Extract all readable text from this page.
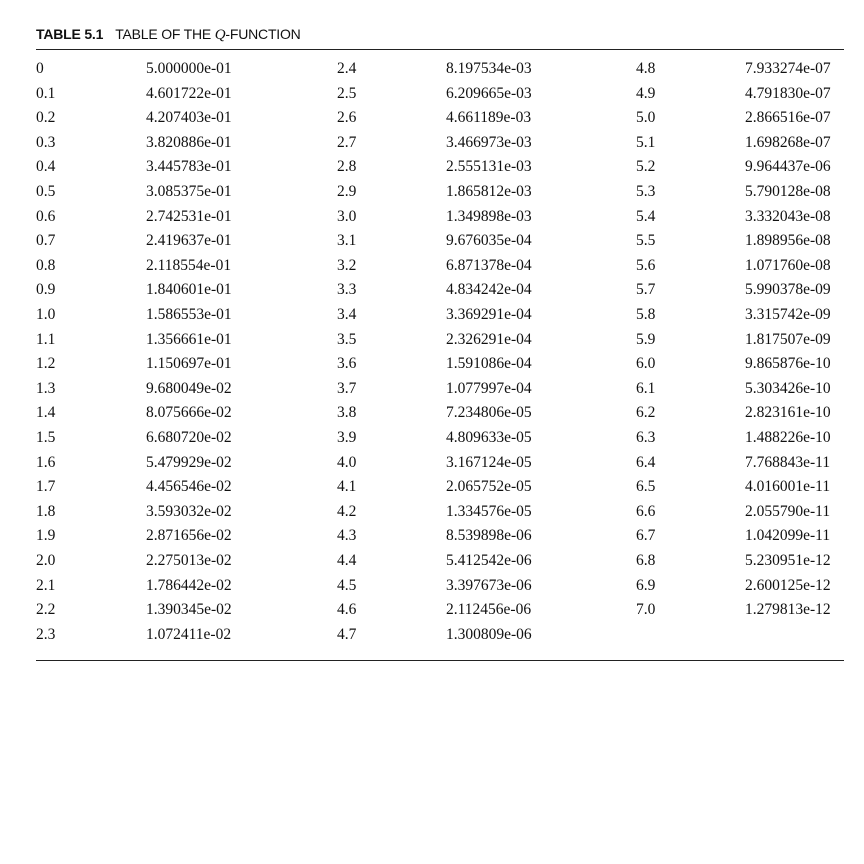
TABLE 5.1 TABLE OF THE Q-FUNCTION
0	5.000000e-01
0.1	4.601722e-01
0.2	4.207403e-01
0.3	3.820886e-01
0.4	3.445783e-01
0.5	3.085375e-01
0.6	2.742531e-01
0.7	2.419637e-01
0.8	2.118554e-01
0.9	1.840601e-01
1.0	1.586553e-01
1.1	1.356661e-01
1.2	1.150697e-01
1.3	9.680049e-02
1.4	8.075666e-02
1.5	6.680720e-02
1.6	5.479929e-02
1.7	4.456546e-02
1.8	3.593032e-02
1.9	2.871656e-02
2.0	2.275013e-02
2.1	1.786442e-02
2.2	1.390345e-02
2.3	1.072411e-02
2.4	8.197534e-03
2.5	6.209665e-03
2.6	4.661189e-03
2.7	3.466973e-03
2.8	2.555131e-03
2.9	1.865812e-03
3.0	1.349898e-03
3.1	9.676035e-04
3.2	6.871378e-04
3.3	4.834242e-04
3.4	3.369291e-04
3.5	2.326291e-04
3.6	1.591086e-04
3.7	1.077997e-04
3.8	7.234806e-05
3.9	4.809633e-05
4.0	3.167124e-05
4.1	2.065752e-05
4.2	1.334576e-05
4.3	8.539898e-06
4.4	5.412542e-06
4.5	3.397673e-06
4.6	2.112456e-06
4.7	1.300809e-06
4.8	7.933274e-07
4.9	4.791830e-07
5.0	2.866516e-07
5.1	1.698268e-07
5.2	9.964437e-06
5.3	5.790128e-08
5.4	3.332043e-08
5.5	1.898956e-08
5.6	1.071760e-08
5.7	5.990378e-09
5.8	3.315742e-09
5.9	1.817507e-09
6.0	9.865876e-10
6.1	5.303426e-10
6.2	2.823161e-10
6.3	1.488226e-10
6.4	7.768843e-11
6.5	4.016001e-11
6.6	2.055790e-11
6.7	1.042099e-11
6.8	5.230951e-12
6.9	2.600125e-12
7.0	1.279813e-12
